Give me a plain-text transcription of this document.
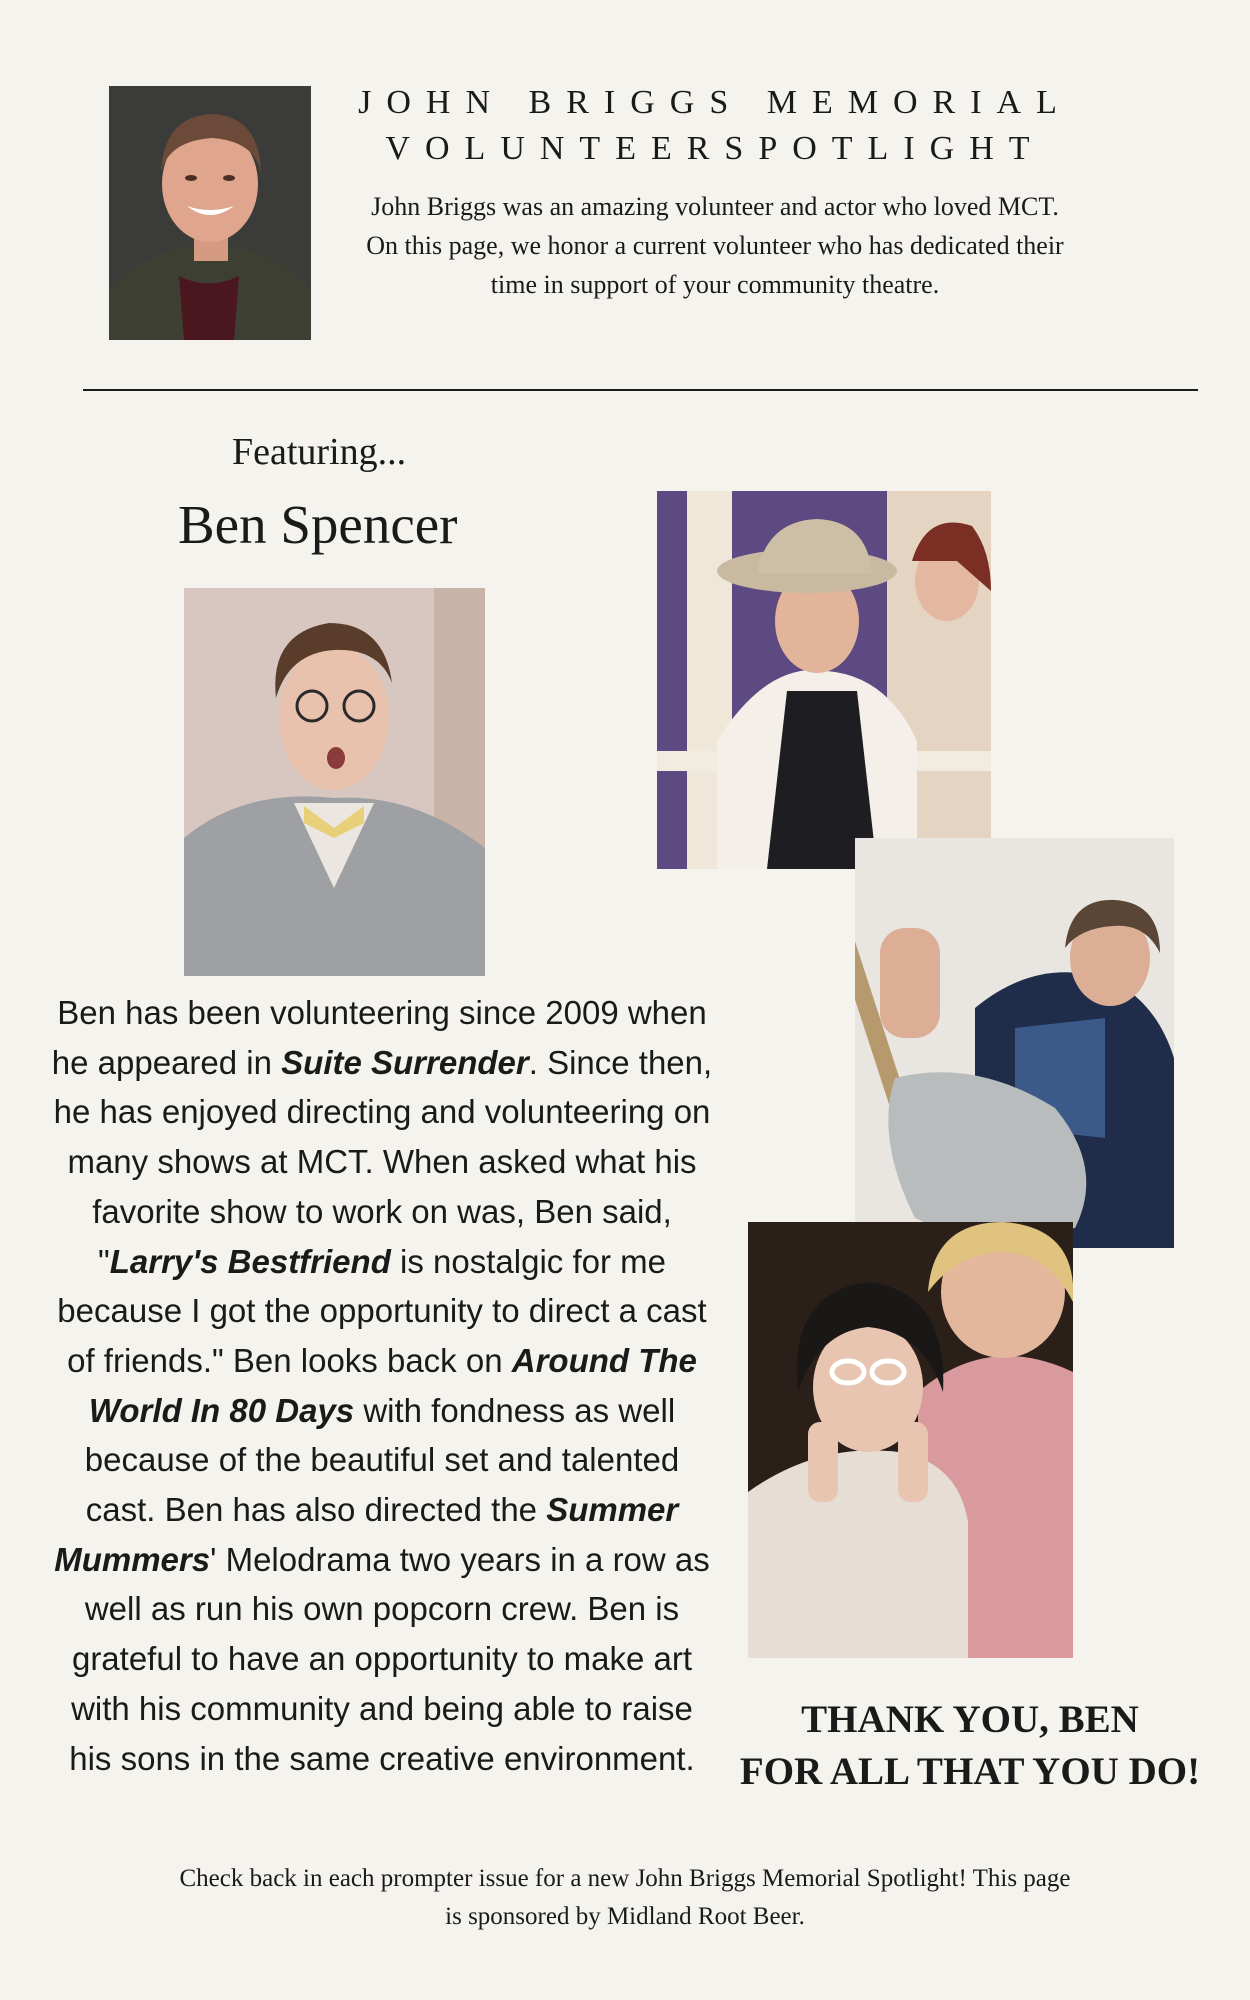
JOHN BRIGGS MEMORIAL
VOLUNTEERSPOTLIGHT
John Briggs was an amazing volunteer and actor who loved MCT. On this page, we honor a current volunteer who has dedicated their time in support of your community theatre.
Featuring...
Ben Spencer
Ben has been volunteering since 2009 when he appeared in Suite Surrender. Since then, he has enjoyed directing and volunteering on many shows at MCT. When asked what his favorite show to work on was, Ben said, "Larry's Bestfriend is nostalgic for me because I got the opportunity to direct a cast of friends." Ben looks back on Around The World In 80 Days with fondness as well because of the beautiful set and talented cast. Ben has also directed the Summer Mummers' Melodrama two years in a row as well as run his own popcorn crew. Ben is grateful to have an opportunity to make art with his community and being able to raise his sons in the same creative environment.
THANK YOU, BEN
FOR ALL THAT YOU DO!
Check back in each prompter issue for a new John Briggs Memorial Spotlight! This page is sponsored by Midland Root Beer.
